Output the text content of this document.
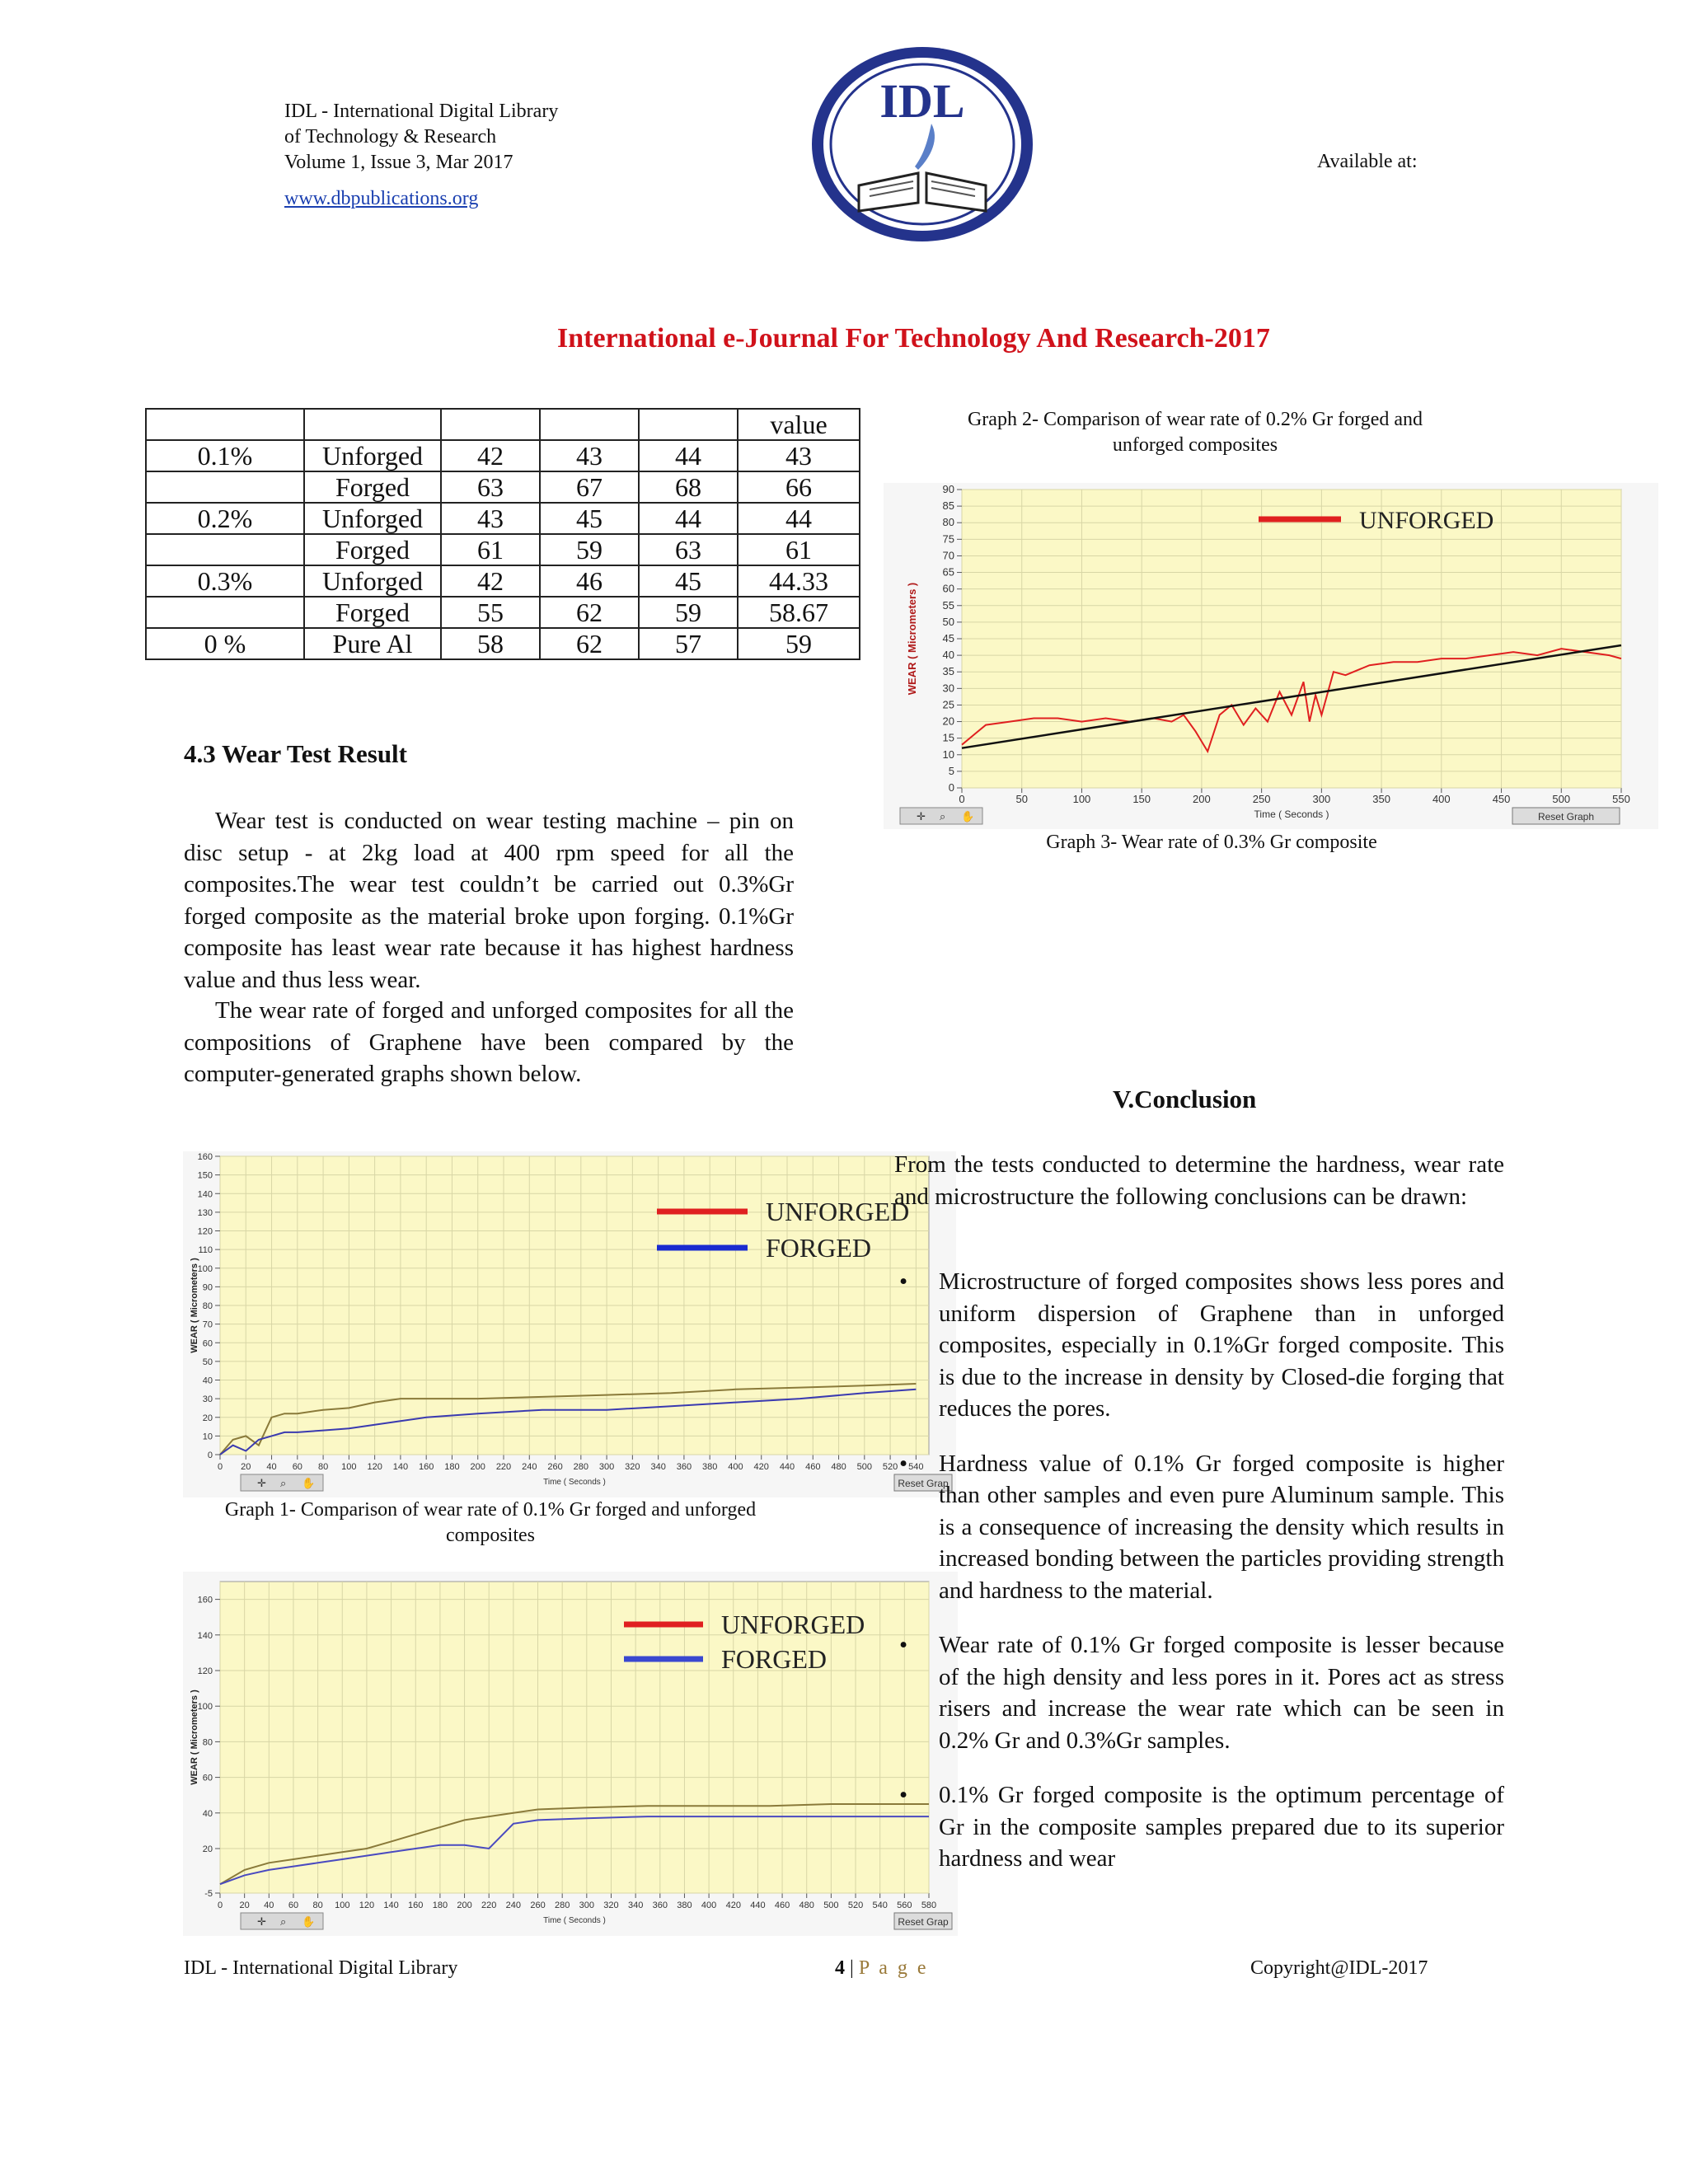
IDL - International Digital Library
of Technology & Research
Volume 1, Issue 3, Mar 2017
www.dbpublications.org
Available at:
IDL
International e-Journal For Technology And Research-2017
					value
0.1%	Unforged	42	43	44	43
	Forged	63	67	68	66
0.2%	Unforged	43	45	44	44
	Forged	61	59	63	61
0.3%	Unforged	42	46	45	44.33
	Forged	55	62	59	58.67
0 %	Pure Al	58	62	57	59
4.3 Wear Test Result
Wear test is conducted on wear testing machine – pin on disc setup - at 2kg load at 400 rpm speed for all the composites.The wear test couldn’t be carried out 0.3%Gr forged composite as the material broke upon forging. 0.1%Gr composite has least wear rate because it has highest hardness value and thus less wear.
The wear rate of forged and unforged composites for all the compositions of Graphene have been compared by the computer-generated graphs shown below.
Graph 2- Comparison of wear rate of 0.2% Gr forged and unforged composites
0	50	100	150	200	250	300	350	400	450	500	550
0
5
10
15
20
25
30
35
40
45
50
55
60
65
70
75
80
85
90
Time ( Seconds )
WEAR ( Micrometers )
UNFORGED
✛ ⌕ ✋	Reset Graph
Graph 3- Wear rate of 0.3% Gr composite
0 20 40 60 80 100 120 140 160 180 200 220 240 260 280 300 320 340 360 380 400 420 440 460 480 500 520 540
0
10
20
30
40
50
60
70
80
90
100
110
120
130
140
150
160
Time ( Seconds )
WEAR ( Micrometers )
UNFORGED
FORGED
✛ ⌕ ✋	Reset Grap
Graph 1- Comparison of wear rate of 0.1% Gr forged and unforged composites
0 20 40 60 80 100 120 140 160 180 200 220 240 260 280 300 320 340 360 380 400 420 440 460 480 500 520 540 560 580
-5
20
40
60
80
100
120
140
160
Time ( Seconds )
WEAR ( Micrometers )
UNFORGED
FORGED
✛ ⌕ ✋	Reset Grap
V.Conclusion
From the tests conducted to determine the hardness, wear rate and microstructure the following conclusions can be drawn:
• Microstructure of forged composites shows less pores and uniform dispersion of Graphene than in unforged composites, especially in 0.1%Gr forged composite. This is due to the increase in density by Closed-die forging that reduces the pores.
• Hardness value of 0.1% Gr forged composite is higher than other samples and even pure Aluminum sample. This is a consequence of increasing the density which results in increased bonding between the particles providing strength and hardness to the material.
• Wear rate of 0.1% Gr forged composite is lesser because of the high density and less pores in it. Pores act as stress risers and increase the wear rate which can be seen in 0.2% Gr and 0.3%Gr samples.
• 0.1% Gr forged composite is the optimum percentage of Gr in the composite samples prepared due to its superior hardness and wear
IDL - International Digital Library	4 | P a g e	Copyright@IDL-2017
